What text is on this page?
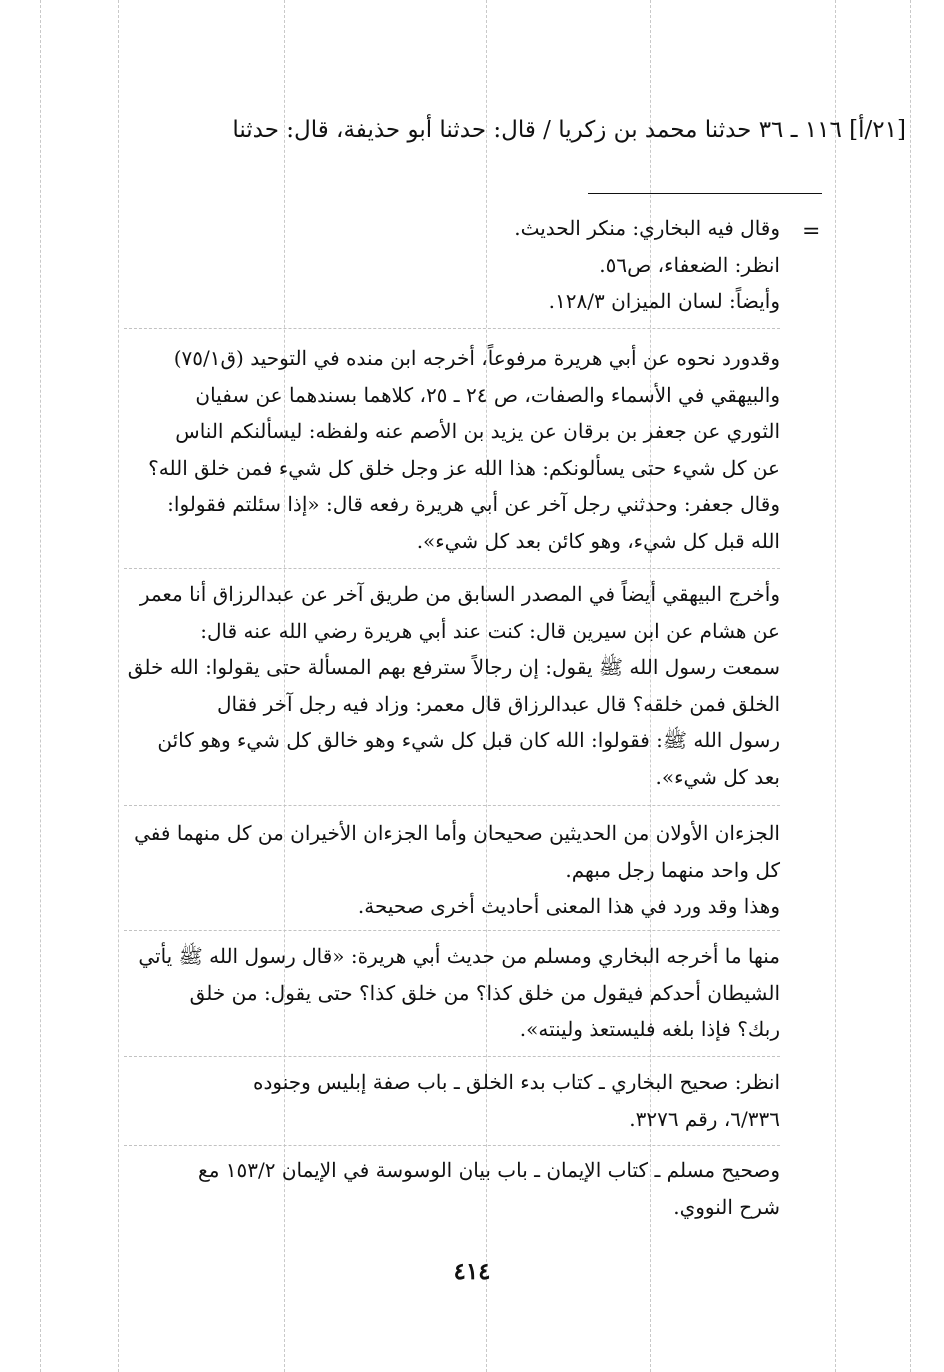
[۲۱/أ] ۱۱٦ ـ ۳٦ حدثنا محمد بن زكريا / قال: حدثنا أبو حذيفة، قال: حدثنا
=

وقال فيه البخاري: منكر الحديث.

انظر: الضعفاء، ص٥٦.

وأيضاً: لسان الميزان ۱۲۸/۳.

وقدورد نحوه عن أبي هريرة مرفوعاً، أخرجه ابن منده في التوحيد (ق٧٥/١)

والبيهقي في الأسماء والصفات، ص ٢٤ ـ ٢٥، كلاهما بسندهما عن سفيان

الثوري عن جعفر بن برقان عن يزيد بن الأصم عنه ولفظه: ليسألنكم الناس

عن كل شيء حتى يسألونكم: هذا الله عز وجل خلق كل شيء فمن خلق الله؟

وقال جعفر: وحدثني رجل آخر عن أبي هريرة رفعه قال: «إذا سئلتم فقولوا:

الله قبل كل شيء، وهو كائن بعد كل شيء».

وأخرج البيهقي أيضاً في المصدر السابق من طريق آخر عن عبدالرزاق أنا معمر

عن هشام عن ابن سيرين قال: كنت عند أبي هريرة رضي الله عنه قال:

سمعت رسول الله ﷺ يقول: إن رجالاً سترفع بهم المسألة حتى يقولوا: الله خلق

الخلق فمن خلقه؟ قال عبدالرزاق قال معمر: وزاد فيه رجل آخر فقال

رسول الله ﷺ: فقولوا: الله كان قبل كل شيء وهو خالق كل شيء وهو كائن

بعد كل شيء».

الجزءان الأولان من الحديثين صحيحان وأما الجزءان الأخيران من كل منهما ففي

كل واحد منهما رجل مبهم.

وهذا وقد ورد في هذا المعنى أحاديث أخرى صحيحة.

منها ما أخرجه البخاري ومسلم من حديث أبي هريرة: «قال رسول الله ﷺ يأتي

الشيطان أحدكم فيقول من خلق كذا؟ من خلق كذا؟ حتى يقول: من خلق

ربك؟ فإذا بلغه فليستعذ ولينته».

انظر: صحيح البخاري ـ كتاب بدء الخلق ـ باب صفة إبليس وجنوده

٦/٣٣٦، رقم ٣٢٧٦.

وصحيح مسلم ـ كتاب الإيمان ـ باب بيان الوسوسة في الإيمان ١٥٣/٢ مع

شرح النووي.

٤١٤
